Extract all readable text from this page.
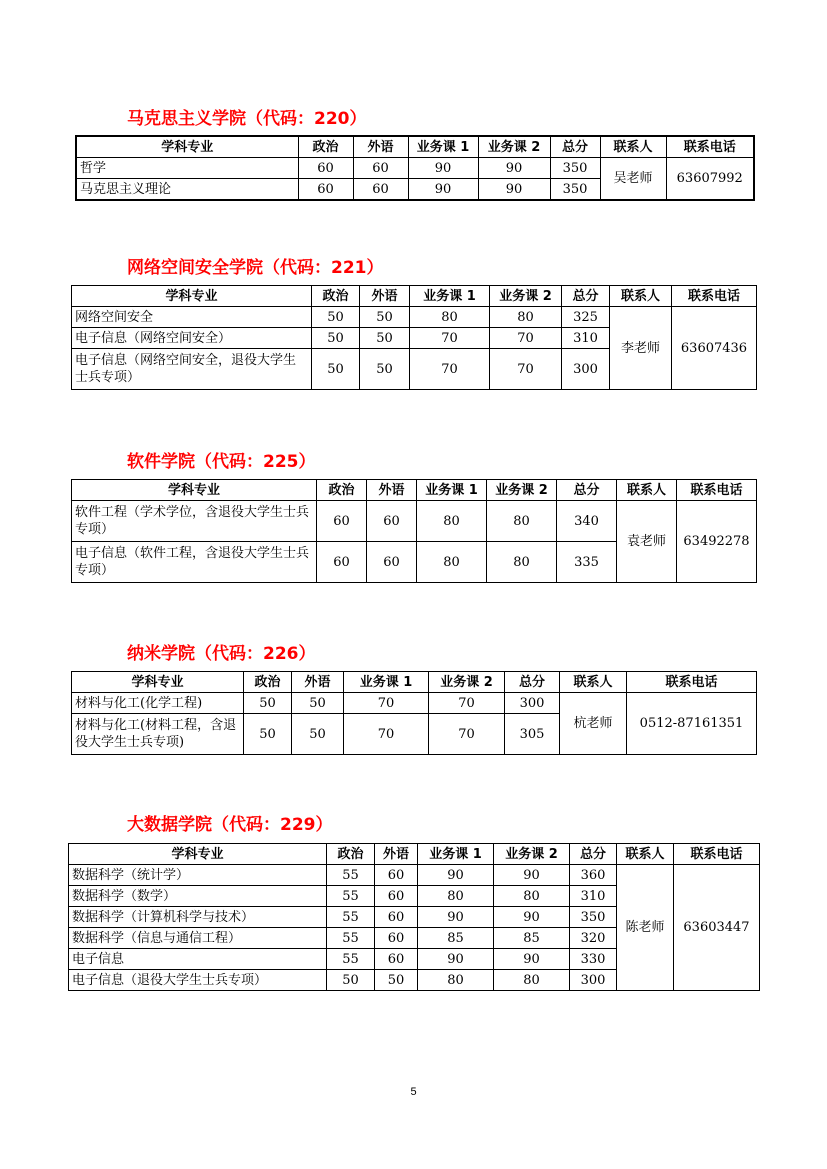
马克思主义学院（代码：220）
学科专业	政治	外语	业务课 1	业务课 2	总分	联系人	联系电话
哲学	60	60	90	90	350	吴老师	63607992
马克思主义理论	60	60	90	90	350		
网络空间安全学院（代码：221）
学科专业	政治	外语	业务课 1	业务课 2	总分	联系人	联系电话
网络空间安全	50	50	80	80	325	李老师	63607436
电子信息（网络空间安全）	50	50	70	70	310		
电子信息（网络空间安全，退役大学生士兵专项）	50	50	70	70	300		
软件学院（代码：225）
学科专业	政治	外语	业务课 1	业务课 2	总分	联系人	联系电话
软件工程（学术学位，含退役大学生士兵专项）	60	60	80	80	340	袁老师	63492278
电子信息（软件工程，含退役大学生士兵专项）	60	60	80	80	335		
纳米学院（代码：226）
学科专业	政治	外语	业务课 1	业务课 2	总分	联系人	联系电话
材料与化工(化学工程)	50	50	70	70	300	杭老师	0512-87161351
材料与化工(材料工程，含退役大学生士兵专项)	50	50	70	70	305		
大数据学院（代码：229）
学科专业	政治	外语	业务课 1	业务课 2	总分	联系人	联系电话
数据科学（统计学）	55	60	90	90	360	陈老师	63603447
数据科学（数学）	55	60	80	80	310		
数据科学（计算机科学与技术）	55	60	90	90	350		
数据科学（信息与通信工程）	55	60	85	85	320		
电子信息	55	60	90	90	330		
电子信息（退役大学生士兵专项）	50	50	80	80	300		
5
